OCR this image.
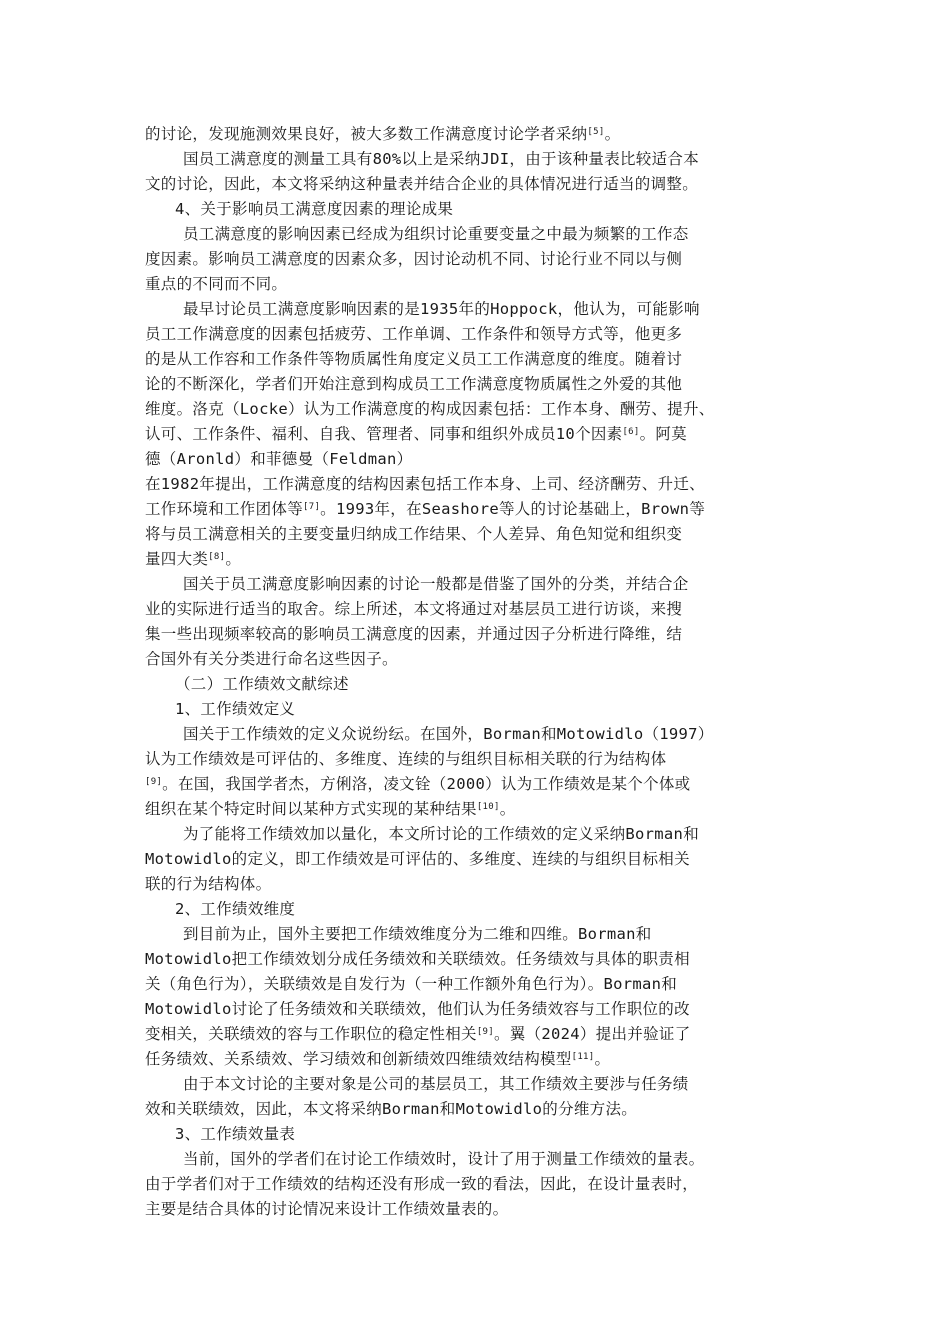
的讨论，发现施测效果良好，被大多数工作满意度讨论学者采纳[5]。
国员工满意度的测量工具有80%以上是采纳JDI，由于该种量表比较适合本
文的讨论，因此，本文将采纳这种量表并结合企业的具体情况进行适当的调整。
4、关于影响员工满意度因素的理论成果
员工满意度的影响因素已经成为组织讨论重要变量之中最为频繁的工作态
度因素。影响员工满意度的因素众多，因讨论动机不同、讨论行业不同以与侧
重点的不同而不同。
最早讨论员工满意度影响因素的是1935年的Hoppock，他认为，可能影响
员工工作满意度的因素包括疲劳、工作单调、工作条件和领导方式等，他更多
的是从工作容和工作条件等物质属性角度定义员工工作满意度的维度。随着讨
论的不断深化，学者们开始注意到构成员工工作满意度物质属性之外爱的其他
维度。洛克（Locke）认为工作满意度的构成因素包括：工作本身、酬劳、提升、
认可、工作条件、福利、自我、管理者、同事和组织外成员10个因素[6]。阿莫
德（Aronld）和菲德曼（Feldman）
在1982年提出，工作满意度的结构因素包括工作本身、上司、经济酬劳、升迁、
工作环境和工作团体等[7]。1993年，在Seashore等人的讨论基础上，Brown等
将与员工满意相关的主要变量归纳成工作结果、个人差异、角色知觉和组织变
量四大类[8]。
国关于员工满意度影响因素的讨论一般都是借鉴了国外的分类，并结合企
业的实际进行适当的取舍。综上所述，本文将通过对基层员工进行访谈，来搜
集一些出现频率较高的影响员工满意度的因素，并通过因子分析进行降维，结
合国外有关分类进行命名这些因子。
（二）工作绩效文献综述
1、工作绩效定义
国关于工作绩效的定义众说纷纭。在国外，Borman和Motowidlo（1997）
认为工作绩效是可评估的、多维度、连续的与组织目标相关联的行为结构体
[9]。在国，我国学者杰，方俐洛，凌文铨（2000）认为工作绩效是某个个体或
组织在某个特定时间以某种方式实现的某种结果[10]。
为了能将工作绩效加以量化，本文所讨论的工作绩效的定义采纳Borman和
Motowidlo的定义，即工作绩效是可评估的、多维度、连续的与组织目标相关
联的行为结构体。
2、工作绩效维度
到目前为止，国外主要把工作绩效维度分为二维和四维。Borman和
Motowidlo把工作绩效划分成任务绩效和关联绩效。任务绩效与具体的职责相
关（角色行为），关联绩效是自发行为（一种工作额外角色行为）。Borman和
Motowidlo讨论了任务绩效和关联绩效，他们认为任务绩效容与工作职位的改
变相关，关联绩效的容与工作职位的稳定性相关[9]。翼（2024）提出并验证了
任务绩效、关系绩效、学习绩效和创新绩效四维绩效结构模型[11]。
由于本文讨论的主要对象是公司的基层员工，其工作绩效主要涉与任务绩
效和关联绩效，因此，本文将采纳Borman和Motowidlo的分维方法。
3、工作绩效量表
当前，国外的学者们在讨论工作绩效时，设计了用于测量工作绩效的量表。
由于学者们对于工作绩效的结构还没有形成一致的看法，因此，在设计量表时，
主要是结合具体的讨论情况来设计工作绩效量表的。
